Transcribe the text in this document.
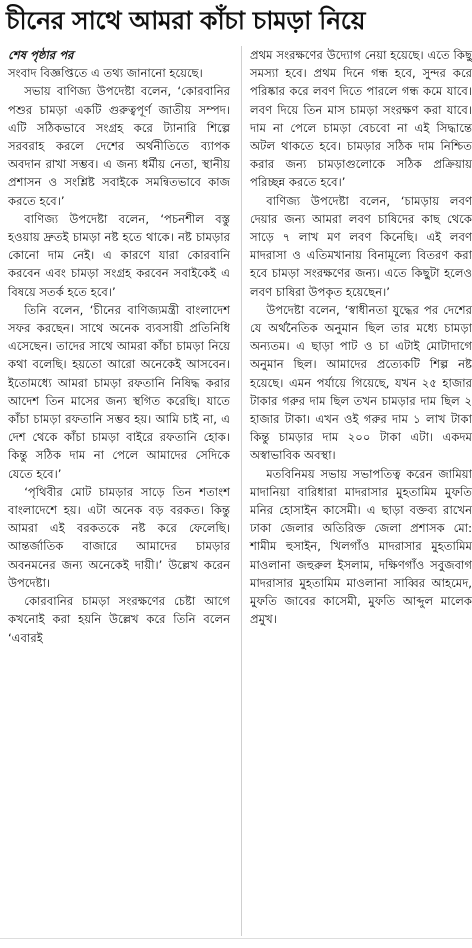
চীনের সাথে আমরা কাঁচা চামড়া নিয়ে

শেষ পৃষ্ঠার পর

সংবাদ বিজ্ঞপ্তিতে এ তথ্য জানানো হয়েছে।

সভায় বাণিজ্য উপদেষ্টা বলেন, ‘কোরবানির পশুর চামড়া একটি গুরুত্বপূর্ণ জাতীয় সম্পদ। এটি সঠিকভাবে সংগ্রহ করে ট্যানারি শিল্পে সরবরাহ করলে দেশের অর্থনীতিতে ব্যাপক অবদান রাখা সম্ভব। এ জন্য ধর্মীয় নেতা, স্থানীয় প্রশাসন ও সংশ্লিষ্ট সবাইকে সমন্বিতভাবে কাজ করতে হবে।’

বাণিজ্য উপদেষ্টা বলেন, ‘পচনশীল বস্তু হওয়ায় দ্রুতই চামড়া নষ্ট হতে থাকে। নষ্ট চামড়ার কোনো দাম নেই। এ কারণে যারা কোরবানি করবেন এবং চামড়া সংগ্রহ করবেন সবাইকেই এ বিষয়ে সতর্ক হতে হবে।’

তিনি বলেন, ‘চীনের বাণিজ্যমন্ত্রী বাংলাদেশ সফর করছেন। সাথে অনেক ব্যবসায়ী প্রতিনিধি এসেছেন। তাদের সাথে আমরা কাঁচা চামড়া নিয়ে কথা বলেছি। হয়তো আরো অনেকেই আসবেন। ইতোমধ্যে আমরা চামড়া রফতানি নিষিদ্ধ করার আদেশ তিন মাসের জন্য স্থগিত করেছি। যাতে কাঁচা চামড়া রফতানি সম্ভব হয়। আমি চাই না, এ দেশ থেকে কাঁচা চামড়া বাইরে রফতানি হোক। কিন্তু সঠিক দাম না পেলে আমাদের সেদিকে যেতে হবে।’

‘পৃথিবীর মোট চামড়ার সাড়ে তিন শতাংশ বাংলাদেশে হয়। এটা অনেক বড় বরকত। কিন্তু আমরা এই বরকতকে নষ্ট করে ফেলেছি। আন্তর্জাতিক বাজারে আমাদের চামড়ার অবনমনের জন্য অনেকেই দায়ী।’ উল্লেখ করেন উপদেষ্টা।

কোরবানির চামড়া সংরক্ষণের চেষ্টা আগে কখনোই করা হয়নি উল্লেখ করে তিনি বলেন ‘এবারই

প্রথম সংরক্ষণের উদ্যোগ নেয়া হয়েছে। এতে কিছু সমস্যা হবে। প্রথম দিনে গন্ধ হবে, সুন্দর করে পরিষ্কার করে লবণ দিতে পারলে গন্ধ কমে যাবে। লবণ দিয়ে তিন মাস চামড়া সংরক্ষণ করা যাবে। দাম না পেলে চামড়া বেচবো না এই সিদ্ধান্তে অটল থাকতে হবে। চামড়ার সঠিক দাম নিশ্চিত করার জন্য চামড়াগুলোকে সঠিক প্রক্রিয়ায় পরিচ্ছন্ন করতে হবে।’

বাণিজ্য উপদেষ্টা বলেন, ‘চামড়ায় লবণ দেয়ার জন্য আমরা লবণ চাষিদের কাছ থেকে সাড়ে ৭ লাখ মণ লবণ কিনেছি। এই লবণ মাদরাসা ও এতিমখানায় বিনামূল্যে বিতরণ করা হবে চামড়া সংরক্ষণের জন্য। এতে কিছুটা হলেও লবণ চাষিরা উপকৃত হয়েছেন।’

উপদেষ্টা বলেন, ‘স্বাধীনতা যুদ্ধের পর দেশের যে অর্থনৈতিক অনুমান ছিল তার মধ্যে চামড়া অন্যতম। এ ছাড়া পাট ও চা এটাই মোটাদাগে অনুমান ছিল। আমাদের প্রত্যেকটি শিল্প নষ্ট হয়েছে। এমন পর্যায়ে গিয়েছে, যখন ২৫ হাজার টাকার গরুর দাম ছিল তখন চামড়ার দাম ছিল ২ হাজার টাকা। এখন ওই গরুর দাম ১ লাখ টাকা কিন্তু চামড়ার দাম ২০০ টাকা এটা। একদম অস্বাভাবিক অবস্থা।

মতবিনিময় সভায় সভাপতিত্ব করেন জামিয়া মাদানিয়া বারিধারা মাদরাসার মুহতামিম মুফতি মনির হোসাইন কাসেমী। এ ছাড়া বক্তব্য রাখেন ঢাকা জেলার অতিরিক্ত জেলা প্রশাসক মো: শামীম হুসাইন, খিলগাঁও মাদরাসার মুহতামিম মাওলানা জহুরুল ইসলাম, দক্ষিণগাঁও সবুজবাগ মাদরাসার মুহতামিম মাওলানা সাব্বির আহমেদ, মুফতি জাবের কাসেমী, মুফতি আব্দুল মালেক প্রমুখ।
